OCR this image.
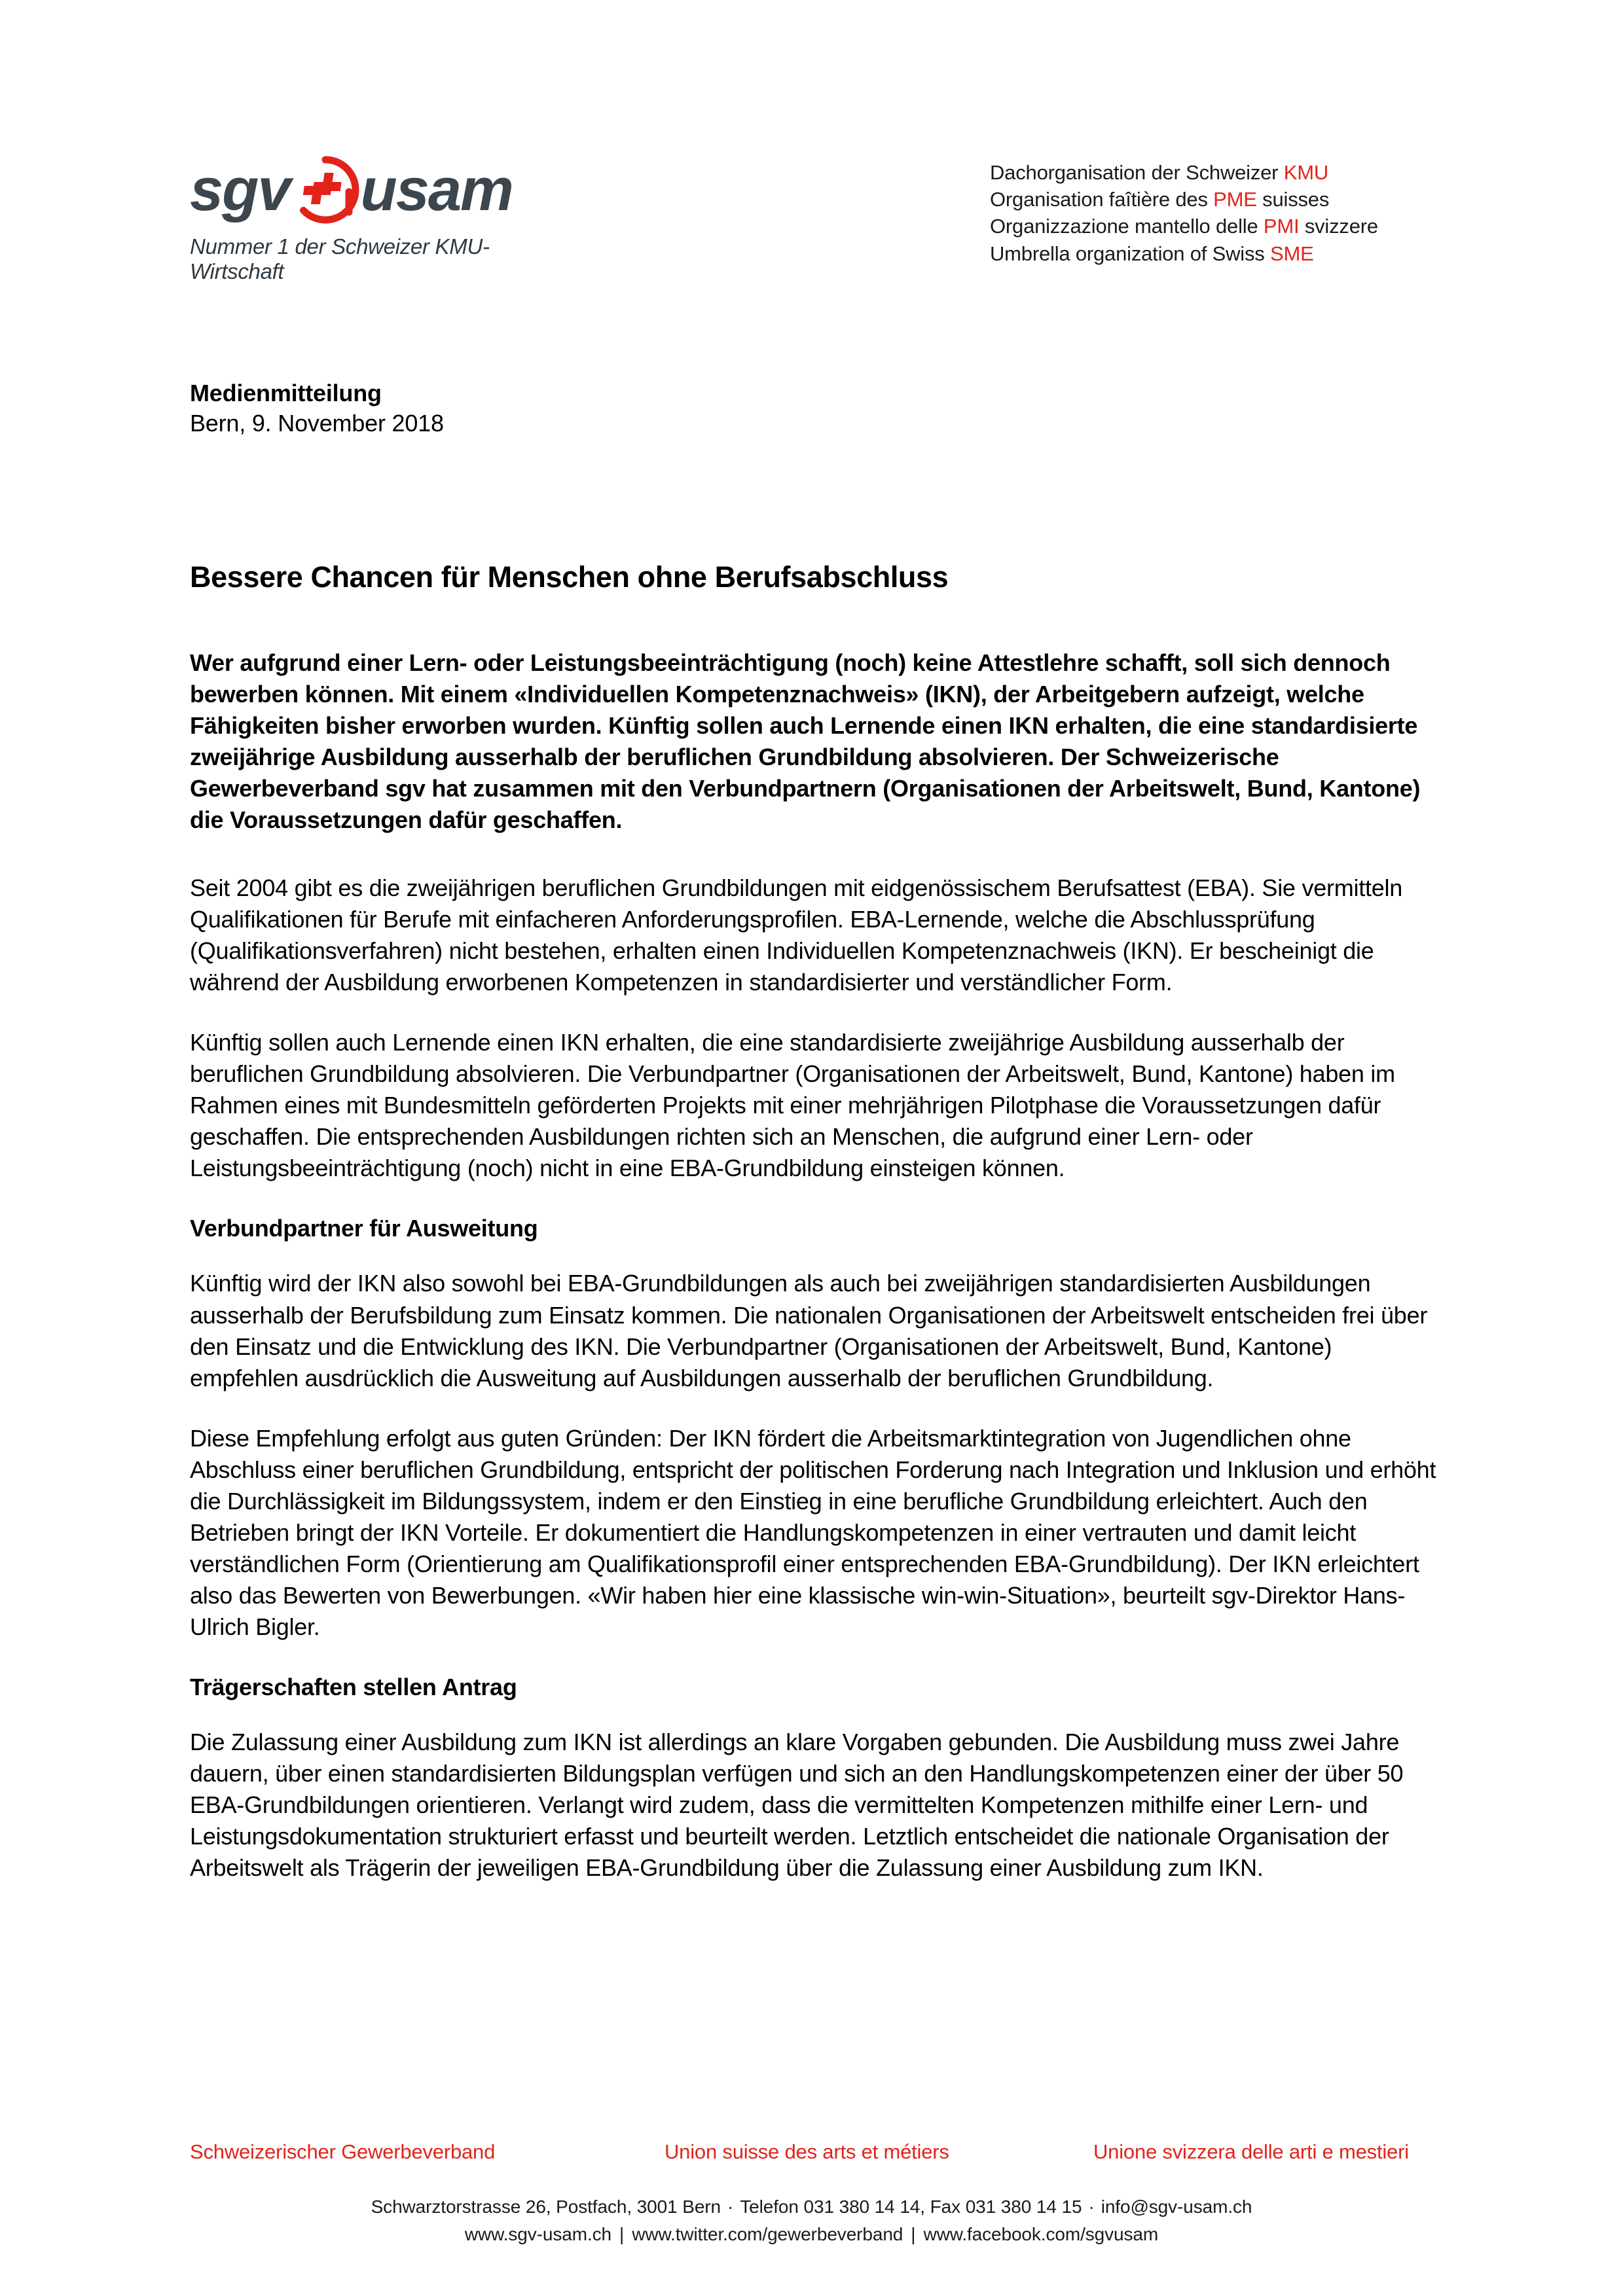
sgv usam
Nummer 1 der Schweizer KMU-Wirtschaft
Dachorganisation der Schweizer KMU
Organisation faîtière des PME suisses
Organizzazione mantello delle PMI svizzere
Umbrella organization of Swiss SME
Medienmitteilung
Bern, 9. November 2018
Bessere Chancen für Menschen ohne Berufsabschluss

Wer aufgrund einer Lern- oder Leistungsbeeinträchtigung (noch) keine Attestlehre schafft, soll sich dennoch bewerben können. Mit einem «Individuellen Kompetenznachweis» (IKN), der Arbeitgebern aufzeigt, welche Fähigkeiten bisher erworben wurden. Künftig sollen auch Lernende einen IKN erhalten, die eine standardisierte zweijährige Ausbildung ausserhalb der beruflichen Grundbildung absolvieren. Der Schweizerische Gewerbeverband sgv hat zusammen mit den Verbundpartnern (Organisationen der Arbeitswelt, Bund, Kantone) die Voraussetzungen dafür geschaffen.

Seit 2004 gibt es die zweijährigen beruflichen Grundbildungen mit eidgenössischem Berufsattest (EBA). Sie vermitteln Qualifikationen für Berufe mit einfacheren Anforderungsprofilen. EBA-Lernende, welche die Abschlussprüfung (Qualifikationsverfahren) nicht bestehen, erhalten einen Individuellen Kompetenznachweis (IKN). Er bescheinigt die während der Ausbildung erworbenen Kompetenzen in standardisierter und verständlicher Form.

Künftig sollen auch Lernende einen IKN erhalten, die eine standardisierte zweijährige Ausbildung ausserhalb der beruflichen Grundbildung absolvieren. Die Verbundpartner (Organisationen der Arbeitswelt, Bund, Kantone) haben im Rahmen eines mit Bundesmitteln geförderten Projekts mit einer mehrjährigen Pilotphase die Voraussetzungen dafür geschaffen. Die entsprechenden Ausbildungen richten sich an Menschen, die aufgrund einer Lern- oder Leistungsbeeinträchtigung (noch) nicht in eine EBA-Grundbildung einsteigen können.

Verbundpartner für Ausweitung

Künftig wird der IKN also sowohl bei EBA-Grundbildungen als auch bei zweijährigen standardisierten Ausbildungen ausserhalb der Berufsbildung zum Einsatz kommen. Die nationalen Organisationen der Arbeitswelt entscheiden frei über den Einsatz und die Entwicklung des IKN. Die Verbundpartner (Organisationen der Arbeitswelt, Bund, Kantone) empfehlen ausdrücklich die Ausweitung auf Ausbildungen ausserhalb der beruflichen Grundbildung.

Diese Empfehlung erfolgt aus guten Gründen: Der IKN fördert die Arbeitsmarktintegration von Jugendlichen ohne Abschluss einer beruflichen Grundbildung, entspricht der politischen Forderung nach Integration und Inklusion und erhöht die Durchlässigkeit im Bildungssystem, indem er den Einstieg in eine berufliche Grundbildung erleichtert. Auch den Betrieben bringt der IKN Vorteile. Er dokumentiert die Handlungskompetenzen in einer vertrauten und damit leicht verständlichen Form (Orientierung am Qualifikationsprofil einer entsprechenden EBA-Grundbildung). Der IKN erleichtert also das Bewerten von Bewerbungen. «Wir haben hier eine klassische win-win-Situation», beurteilt sgv-Direktor Hans-Ulrich Bigler.

Trägerschaften stellen Antrag

Die Zulassung einer Ausbildung zum IKN ist allerdings an klare Vorgaben gebunden. Die Ausbildung muss zwei Jahre dauern, über einen standardisierten Bildungsplan verfügen und sich an den Handlungskompetenzen einer der über 50 EBA-Grundbildungen orientieren. Verlangt wird zudem, dass die vermittelten Kompetenzen mithilfe einer Lern- und Leistungsdokumentation strukturiert erfasst und beurteilt werden. Letztlich entscheidet die nationale Organisation der Arbeitswelt als Trägerin der jeweiligen EBA-Grundbildung über die Zulassung einer Ausbildung zum IKN.

Schweizerischer Gewerbeverband	Union suisse des arts et métiers	Unione svizzera delle arti e mestieri
Schwarztorstrasse 26, Postfach, 3001 Bern · Telefon 031 380 14 14, Fax 031 380 14 15 · info@sgv-usam.ch
www.sgv-usam.ch | www.twitter.com/gewerbeverband | www.facebook.com/sgvusam
